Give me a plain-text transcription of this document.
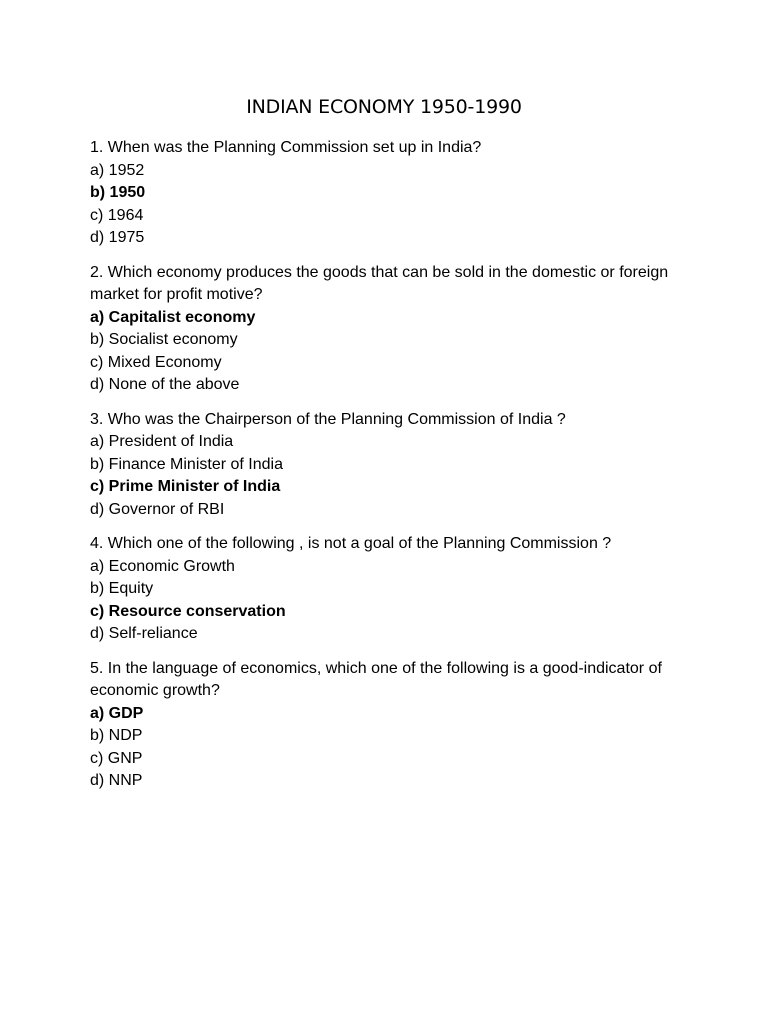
INDIAN ECONOMY 1950-1990
1. When was the Planning Commission set up in India?
a) 1952
b) 1950
c) 1964
d) 1975
2. Which economy produces the goods that can be sold in the domestic or foreign market for profit motive?
a) Capitalist economy
b) Socialist economy
c) Mixed Economy
d) None of the above
3. Who was the Chairperson of the Planning Commission of India ?
a) President of India
b) Finance Minister of India
c) Prime Minister of India
d) Governor of RBI
4. Which one of the following , is not a goal of the Planning Commission ?
a) Economic Growth
b) Equity
c) Resource conservation
d) Self-reliance
5. In the language of economics, which one of the following is a good-indicator of economic growth?
a) GDP
b) NDP
c) GNP
d) NNP
